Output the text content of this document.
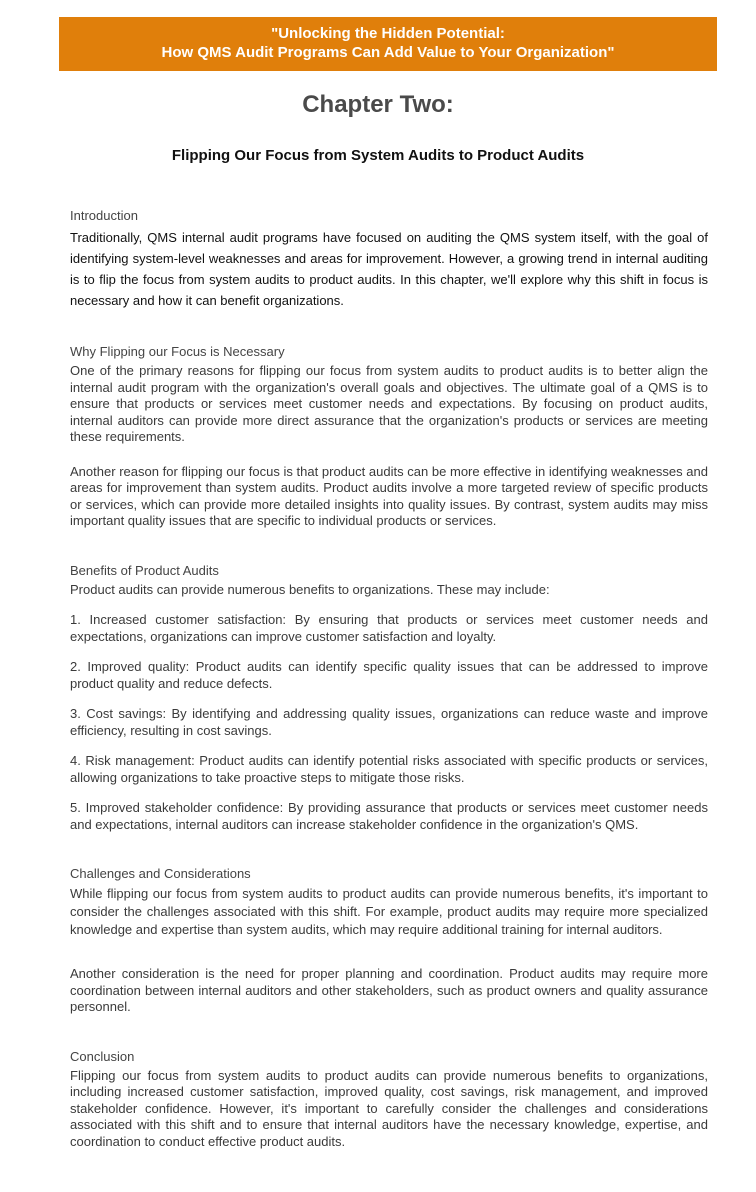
"Unlocking the Hidden Potential:
How QMS Audit Programs Can Add Value to Your Organization"
Chapter Two:
Flipping Our Focus from System Audits to Product Audits

Introduction

Traditionally, QMS internal audit programs have focused on auditing the QMS system itself, with the goal of identifying system-level weaknesses and areas for improvement. However, a growing trend in internal auditing is to flip the focus from system audits to product audits. In this chapter, we'll explore why this shift in focus is necessary and how it can benefit organizations.

Why Flipping our Focus is Necessary

One of the primary reasons for flipping our focus from system audits to product audits is to better align the internal audit program with the organization's overall goals and objectives. The ultimate goal of a QMS is to ensure that products or services meet customer needs and expectations. By focusing on product audits, internal auditors can provide more direct assurance that the organization's products or services are meeting these requirements.

Another reason for flipping our focus is that product audits can be more effective in identifying weaknesses and areas for improvement than system audits. Product audits involve a more targeted review of specific products or services, which can provide more detailed insights into quality issues. By contrast, system audits may miss important quality issues that are specific to individual products or services.

Benefits of Product Audits

Product audits can provide numerous benefits to organizations. These may include:

1. Increased customer satisfaction: By ensuring that products or services meet customer needs and expectations, organizations can improve customer satisfaction and loyalty.

2. Improved quality: Product audits can identify specific quality issues that can be addressed to improve product quality and reduce defects.

3. Cost savings: By identifying and addressing quality issues, organizations can reduce waste and improve efficiency, resulting in cost savings.

4. Risk management: Product audits can identify potential risks associated with specific products or services, allowing organizations to take proactive steps to mitigate those risks.

5. Improved stakeholder confidence: By providing assurance that products or services meet customer needs and expectations, internal auditors can increase stakeholder confidence in the organization's QMS.

Challenges and Considerations

While flipping our focus from system audits to product audits can provide numerous benefits, it's important to consider the challenges associated with this shift. For example, product audits may require more specialized knowledge and expertise than system audits, which may require additional training for internal auditors.

Another consideration is the need for proper planning and coordination. Product audits may require more coordination between internal auditors and other stakeholders, such as product owners and quality assurance personnel.

Conclusion

Flipping our focus from system audits to product audits can provide numerous benefits to organizations, including increased customer satisfaction, improved quality, cost savings, risk management, and improved stakeholder confidence. However, it's important to carefully consider the challenges and considerations associated with this shift and to ensure that internal auditors have the necessary knowledge, expertise, and coordination to conduct effective product audits.
